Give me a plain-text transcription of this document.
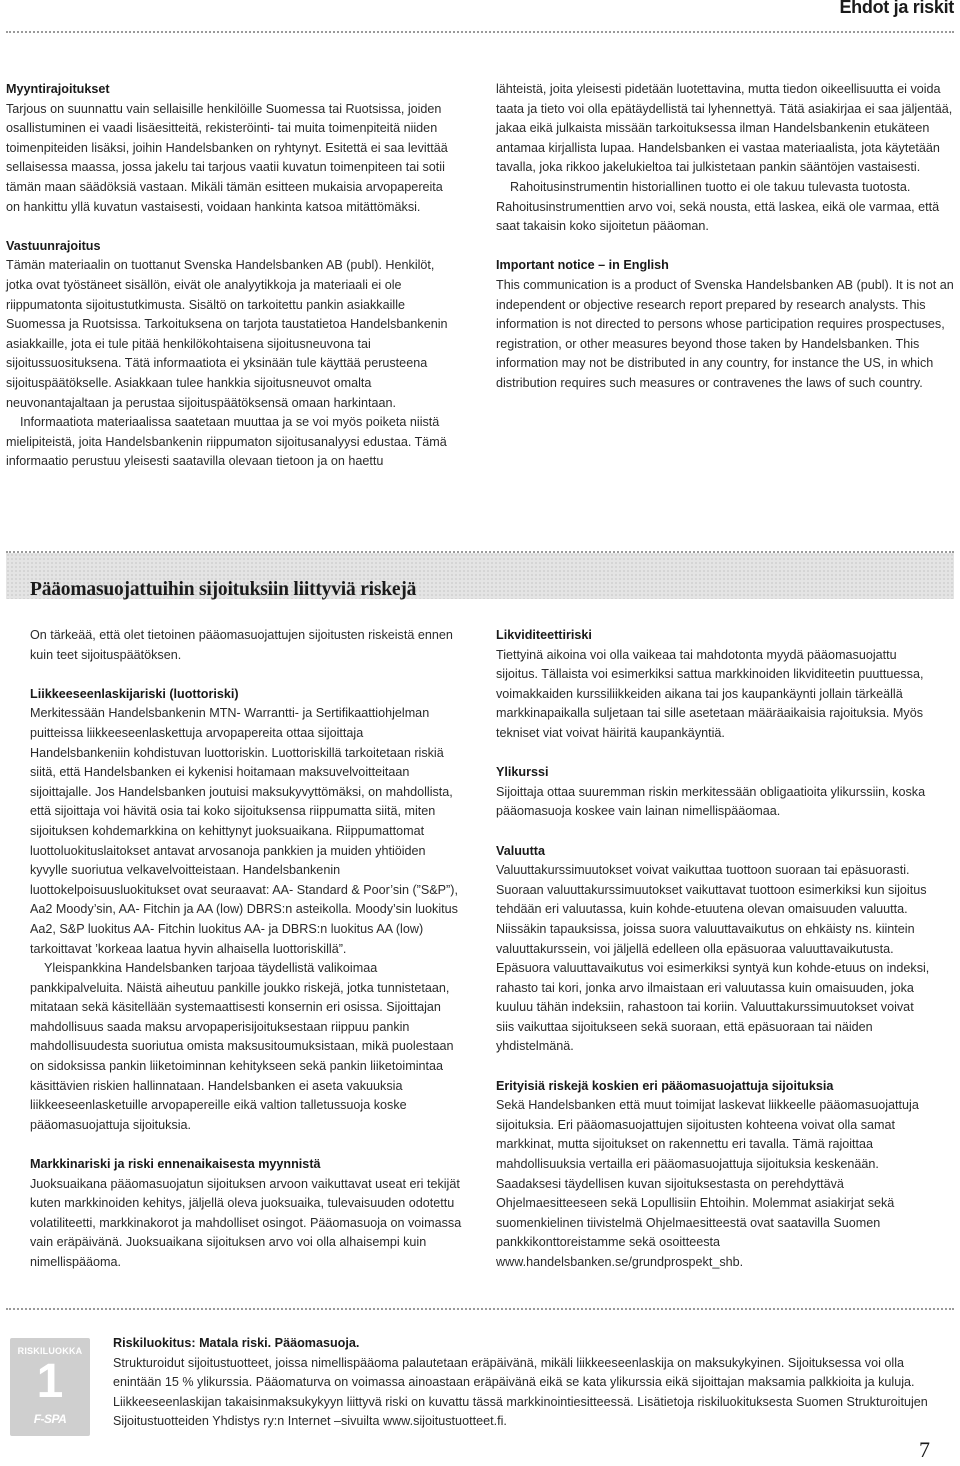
Ehdot ja riskit

Myyntirajoitukset

Tarjous on suunnattu vain sellaisille henkilöille Suomessa tai Ruotsissa, joiden osallistuminen ei vaadi lisäesitteitä, rekisteröinti- tai muita toimenpiteitä niiden toimenpiteiden lisäksi, joihin Handelsbanken on ryhtynyt. Esitettä ei saa levittää sellaisessa maassa, jossa jakelu tai tarjous vaatii kuvatun toimenpiteen tai sotii tämän maan säädöksiä vastaan. Mikäli tämän esitteen mukaisia arvopapereita on hankittu yllä kuvatun vastaisesti, voidaan hankinta katsoa mitättömäksi.

Vastuunrajoitus

Tämän materiaalin on tuottanut Svenska Handelsbanken AB (publ). Henkilöt, jotka ovat työstäneet sisällön, eivät ole analyytikkoja ja materiaali ei ole riippumatonta sijoitustutkimusta. Sisältö on tarkoitettu pankin asiakkaille Suomessa ja Ruotsissa. Tarkoituksena on tarjota taustatietoa Handelsbankenin asiakkaille, jota ei tule pitää henkilökohtaisena sijoitusneuvona tai sijoitussuosituksena. Tätä informaatiota ei yksinään tule käyttää perusteena sijoituspäätökselle. Asiakkaan tulee hankkia sijoitusneuvot omalta neuvonantajaltaan ja perustaa sijoituspäätöksensä omaan harkintaan.

Informaatiota materiaalissa saatetaan muuttaa ja se voi myös poiketa niistä mielipiteistä, joita Handelsbankenin riippumaton sijoitusanalyysi edustaa. Tämä informaatio perustuu yleisesti saatavilla olevaan tietoon ja on haettu

lähteistä, joita yleisesti pidetään luotettavina, mutta tiedon oikeellisuutta ei voida taata ja tieto voi olla epätäydellistä tai lyhennettyä. Tätä asiakirjaa ei saa jäljentää, jakaa eikä julkaista missään tarkoituksessa ilman Handelsbankenin etukäteen antamaa kirjallista lupaa. Handelsbanken ei vastaa materiaalista, jota käytetään tavalla, joka rikkoo jakelukieltoa tai julkistetaan pankin sääntöjen vastaisesti.

Rahoitusinstrumentin historiallinen tuotto ei ole takuu tulevasta tuotosta. Rahoitusinstrumenttien arvo voi, sekä nousta, että laskea, eikä ole varmaa, että saat takaisin koko sijoitetun pääoman.

Important notice – in English

This communication is a product of Svenska Handelsbanken AB (publ). It is not an independent or objective research report prepared by research analysts. This information is not directed to persons whose participation requires prospectuses, registration, or other measures beyond those taken by Handelsbanken. This information may not be distributed in any country, for instance the US, in which distribution requires such measures or contravenes the laws of such country.

Pääomasuojattuihin sijoituksiin liittyviä riskejä

On tärkeää, että olet tietoinen pääomasuojattujen sijoitusten riskeistä ennen kuin teet sijoituspäätöksen.

Liikkeeseenlaskijariski (luottoriski)

Merkitessään Handelsbankenin MTN- Warrantti- ja Sertifikaattiohjelman puitteissa liikkeeseenlaskettuja arvopapereita ottaa sijoittaja Handelsbankeniin kohdistuvan luottoriskin. Luottoriskillä tarkoitetaan riskiä siitä, että Handelsbanken ei kykenisi hoitamaan maksuvelvoitteitaan sijoittajalle. Jos Handelsbanken joutuisi maksukyvyttömäksi, on mahdollista, että sijoittaja voi hävitä osia tai koko sijoituksensa riippumatta siitä, miten sijoituksen kohdemarkkina on kehittynyt juoksuaikana. Riippumattomat luottoluokituslaitokset antavat arvosanoja pankkien ja muiden yhtiöiden kyvylle suoriutua velkavelvoitteistaan. Handelsbankenin luottokelpoisuusluokitukset ovat seuraavat: AA- Standard & Poor’sin (”S&P”), Aa2 Moody’sin, AA- Fitchin ja AA (low) DBRS:n asteikolla. Moody’sin luokitus Aa2, S&P luokitus AA- Fitchin luokitus AA- ja DBRS:n luokitus AA (low) tarkoittavat ’korkeaa laatua hyvin alhaisella luottoriskillä”.

Yleispankkina Handelsbanken tarjoaa täydellistä valikoimaa pankkipalveluita. Näistä aiheutuu pankille joukko riskejä, jotka tunnistetaan, mitataan sekä käsitellään systemaattisesti konsernin eri osissa. Sijoittajan mahdollisuus saada maksu arvopaperisijoituksestaan riippuu pankin mahdollisuudesta suoriutua omista maksusitoumuksistaan, mikä puolestaan on sidoksissa pankin liiketoiminnan kehitykseen sekä pankin liiketoimintaa käsittävien riskien hallinnataan. Handelsbanken ei aseta vakuuksia liikkeeseenlasketuille arvopapereille eikä valtion talletussuoja koske pääomasuojattuja sijoituksia.

Markkinariski ja riski ennenaikaisesta myynnistä

Juoksuaikana pääomasuojatun sijoituksen arvoon vaikuttavat useat eri tekijät kuten markkinoiden kehitys, jäljellä oleva juoksuaika, tulevaisuuden odotettu volatiliteetti, markkinakorot ja mahdolliset osingot. Pääomasuoja on voimassa vain eräpäivänä. Juoksuaikana sijoituksen arvo voi olla alhaisempi kuin nimellispääoma.

Likviditeettiriski

Tiettyinä aikoina voi olla vaikeaa tai mahdotonta myydä pääomasuojattu sijoitus. Tällaista voi esimerkiksi sattua markkinoiden likviditeetin puuttuessa, voimakkaiden kurssiliikkeiden aikana tai jos kaupankäynti jollain tärkeällä markkinapaikalla suljetaan tai sille asetetaan määräaikaisia rajoituksia. Myös tekniset viat voivat häiritä kaupankäyntiä.

Ylikurssi

Sijoittaja ottaa suuremman riskin merkitessään obligaatioita ylikurssiin, koska pääomasuoja koskee vain lainan nimellispääomaa.

Valuutta

Valuuttakurssimuutokset voivat vaikuttaa tuottoon suoraan tai epäsuorasti. Suoraan valuuttakurssimuutokset vaikuttavat tuottoon esimerkiksi kun sijoitus tehdään eri valuutassa, kuin kohde-etuutena olevan omaisuuden valuutta. Niissäkin tapauksissa, joissa suora valuuttavaikutus on ehkäisty ns. kiintein valuuttakurssein, voi jäljellä edelleen olla epäsuoraa valuuttavaikutusta. Epäsuora valuuttavaikutus voi esimerkiksi syntyä kun kohde-etuus on indeksi, rahasto tai kori, jonka arvo ilmaistaan eri valuutassa kuin omaisuuden, joka kuuluu tähän indeksiin, rahastoon tai koriin. Valuuttakurssimuutokset voivat siis vaikuttaa sijoitukseen sekä suoraan, että epäsuoraan tai näiden yhdistelmänä.

Erityisiä riskejä koskien eri pääomasuojattuja sijoituksia

Sekä Handelsbanken että muut toimijat laskevat liikkeelle pääomasuojattuja sijoituksia. Eri pääomasuojattujen sijoitusten kohteena voivat olla samat markkinat, mutta sijoitukset on rakennettu eri tavalla. Tämä rajoittaa mahdollisuuksia vertailla eri pääomasuojattuja sijoituksia keskenään. Saadaksesi täydellisen kuvan sijoituksestasta on perehdyttävä Ohjelmaesitteeseen sekä Lopullisiin Ehtoihin. Molemmat asiakirjat sekä suomenkielinen tiivistelmä Ohjelmaesitteestä ovat saatavilla Suomen pankkikonttoreistamme sekä osoitteesta www.handelsbanken.se/grundprospekt_shb.

RISKILUOKKA
1
F-SPA

Riskiluokitus: Matala riski. Pääomasuoja.

Strukturoidut sijoitustuotteet, joissa nimellispääoma palautetaan eräpäivänä, mikäli liikkeeseenlaskija on maksukykyinen. Sijoituksessa voi olla enintään 15 % ylikurssia. Pääomaturva on voimassa ainoastaan eräpäivänä eikä se kata ylikurssia eikä sijoittajan maksamia palkkioita ja kuluja. Liikkeeseenlaskijan takaisinmaksukykyyn liittyvä riski on kuvattu tässä markkinointiesitteessä. Lisätietoja riskiluokituksesta Suomen Strukturoitujen Sijoitustuotteiden Yhdistys ry:n Internet –sivuilta www.sijoitustuotteet.fi.

7
